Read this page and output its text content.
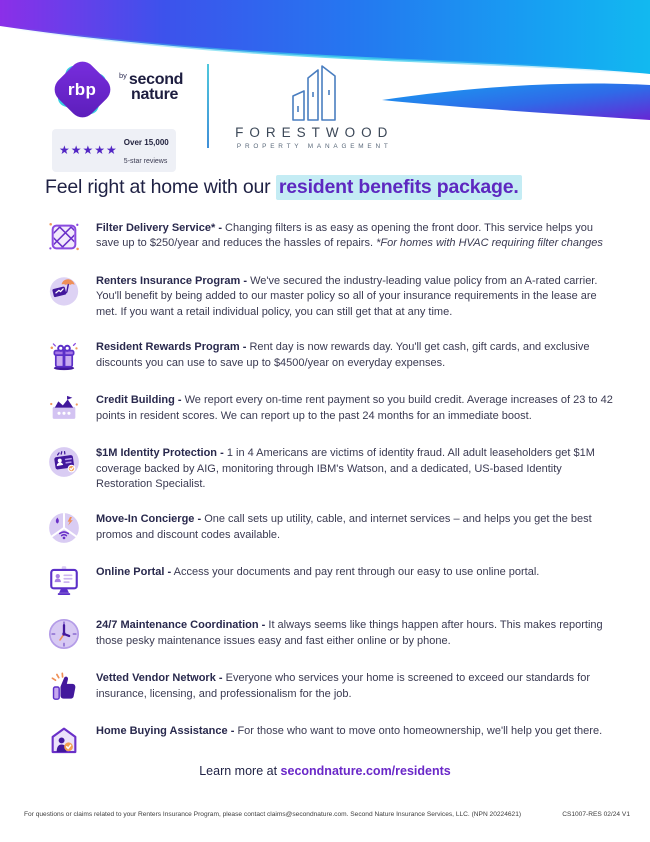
rbp
$^{by}$ second
nature
★★★★★
Over 15,000
5-star reviews
FORESTWOOD
PROPERTY MANAGEMENT
Feel right at home with our resident benefits package.
Filter Delivery Service* - Changing filters is as easy as opening the front door. This service helps you save up to $250/year and reduces the hassles of repairs. *For homes with HVAC requiring filter changes
Renters Insurance Program - We've secured the industry-leading value policy from an A-rated carrier. You'll benefit by being added to our master policy so all of your insurance requirements in the lease are met. If you want a retail individual policy, you can still get that at any time.
Resident Rewards Program - Rent day is now rewards day. You'll get cash, gift cards, and exclusive discounts you can use to save up to $4500/year on everyday expenses.
Credit Building - We report every on-time rent payment so you build credit. Average increases of 23 to 42 points in resident scores. We can report up to the past 24 months for an immediate boost.
$1M Identity Protection - 1 in 4 Americans are victims of identity fraud. All adult leaseholders get $1M coverage backed by AIG, monitoring through IBM's Watson, and a dedicated, US-based Identity Restoration Specialist.
Move-In Concierge - One call sets up utility, cable, and internet services – and helps you get the best promos and discount codes available.
Online Portal - Access your documents and pay rent through our easy to use online portal.
24/7 Maintenance Coordination - It always seems like things happen after hours. This makes reporting those pesky maintenance issues easy and fast either online or by phone.
Vetted Vendor Network - Everyone who services your home is screened to exceed our standards for insurance, licensing, and professionalism for the job.
Home Buying Assistance - For those who want to move onto homeownership, we'll help you get there.
Learn more at secondnature.com/residents
For questions or claims related to your Renters Insurance Program, please contact claims@secondnature.com. Second Nature Insurance Services, LLC. (NPN 20224621)	CS1007-RES 02/24 V1
